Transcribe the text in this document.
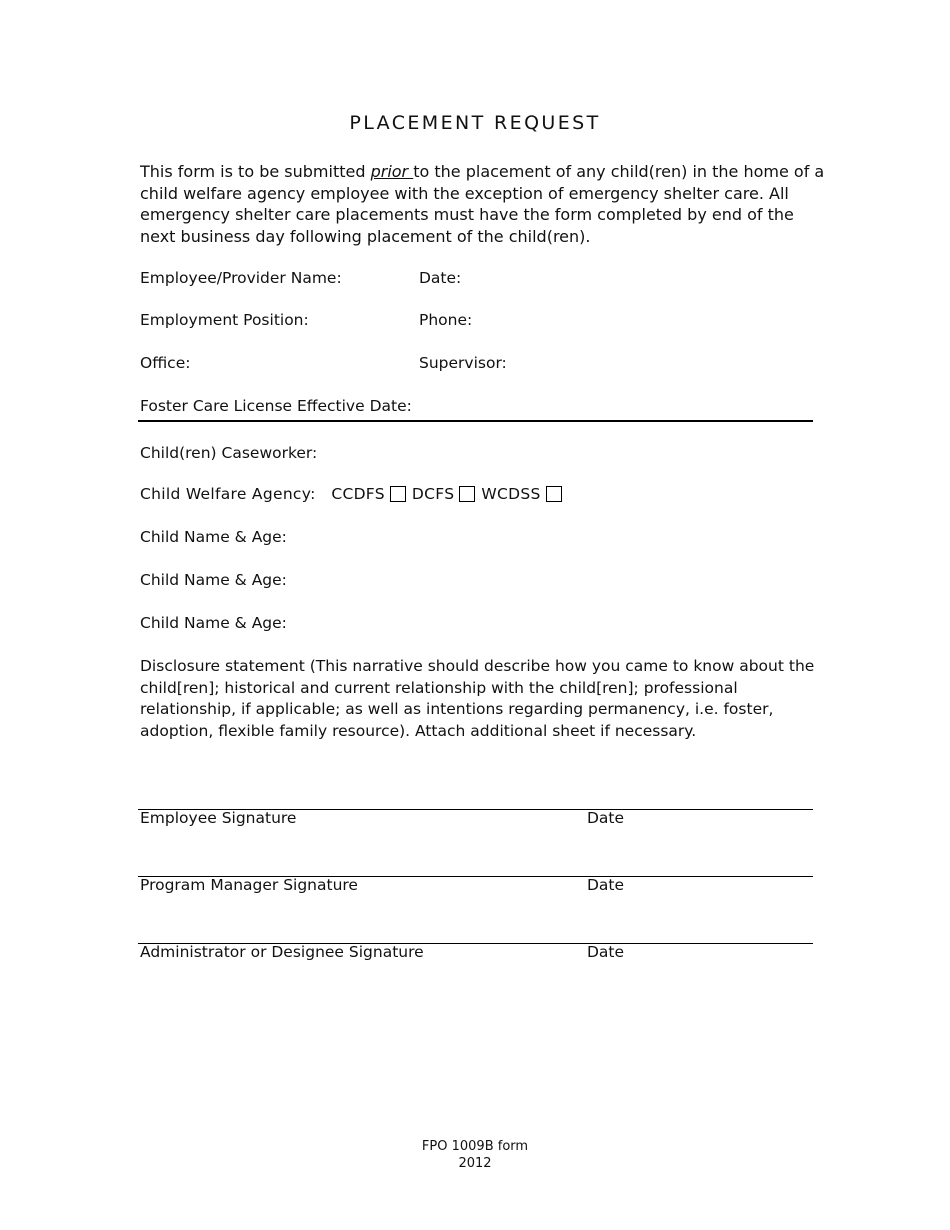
PLACEMENT REQUEST
This form is to be submitted prior to the placement of any child(ren) in the home of a child welfare agency employee with the exception of emergency shelter care. All emergency shelter care placements must have the form completed by end of the next business day following placement of the child(ren).
Employee/Provider Name:	Date:
Employment Position:	Phone:
Office:	Supervisor:
Foster Care License Effective Date:
Child(ren) Caseworker:
Child Welfare Agency: CCDFS DCFS WCDSS
Child Name & Age:
Child Name & Age:
Child Name & Age:
Disclosure statement (This narrative should describe how you came to know about the child[ren]; historical and current relationship with the child[ren]; professional relationship, if applicable; as well as intentions regarding permanency, i.e. foster, adoption, flexible family resource). Attach additional sheet if necessary.
Employee Signature	Date
Program Manager Signature	Date
Administrator or Designee Signature	Date
FPO 1009B form
2012
